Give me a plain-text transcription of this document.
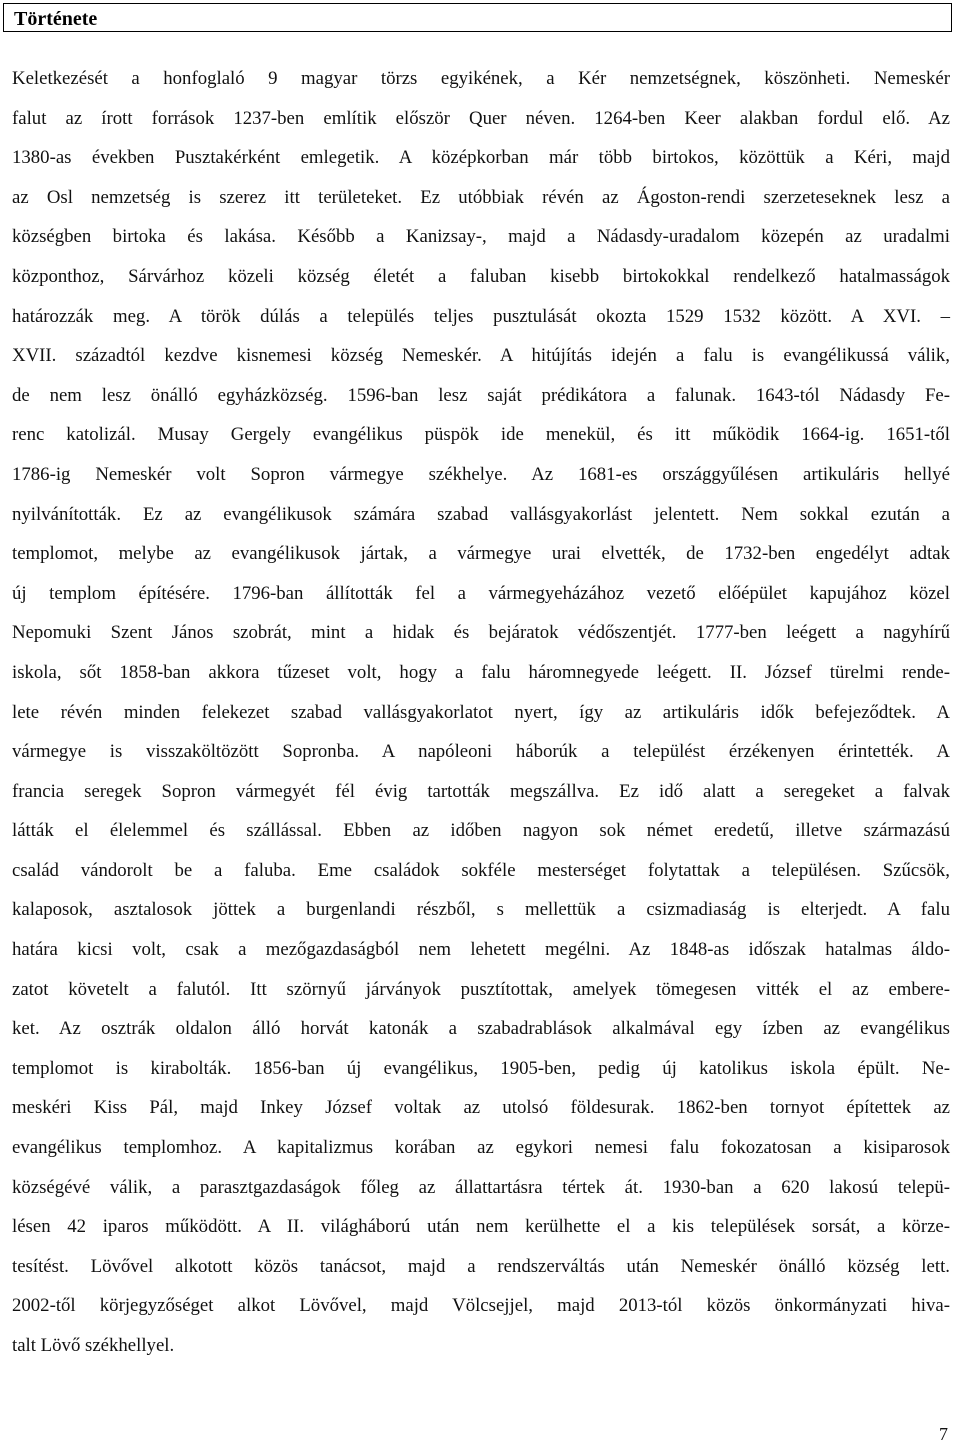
Története
Keletkezését a honfoglaló 9 magyar törzs egyikének, a Kér nemzetségnek, köszönheti. Nemeskér
falut az írott források 1237-ben említik először Quer néven. 1264-ben Keer alakban fordul elő. Az
1380-as években Pusztakérként emlegetik. A középkorban már több birtokos, közöttük a Kéri, majd
az Osl nemzetség is szerez itt területeket. Ez utóbbiak révén az Ágoston-rendi szerzeteseknek lesz a
községben birtoka és lakása. Később a Kanizsay-, majd a Nádasdy-uradalom közepén az uradalmi
központhoz, Sárvárhoz közeli község életét a faluban kisebb birtokokkal rendelkező hatalmasságok
határozzák meg. A török dúlás a település teljes pusztulását okozta 1529 1532 között. A XVI. –
XVII. századtól kezdve kisnemesi község Nemeskér. A hitújítás idején a falu is evangélikussá válik,
de nem lesz önálló egyházközség. 1596-ban lesz saját prédikátora a falunak. 1643-tól Nádasdy Fe-
renc katolizál. Musay Gergely evangélikus püspök ide menekül, és itt működik 1664-ig. 1651-től
1786-ig Nemeskér volt Sopron vármegye székhelye. Az 1681-es országgyűlésen artikuláris hellyé
nyilvánították. Ez az evangélikusok számára szabad vallásgyakorlást jelentett. Nem sokkal ezután a
templomot, melybe az evangélikusok jártak, a vármegye urai elvették, de 1732-ben engedélyt adtak
új templom építésére. 1796-ban állították fel a vármegyeházához vezető előépület kapujához közel
Nepomuki Szent János szobrát, mint a hidak és bejáratok védőszentjét. 1777-ben leégett a nagyhírű
iskola, sőt 1858-ban akkora tűzeset volt, hogy a falu háromnegyede leégett. II. József türelmi rende-
lete révén minden felekezet szabad vallásgyakorlatot nyert, így az artikuláris idők befejeződtek. A
vármegye is visszaköltözött Sopronba. A napóleoni háborúk a települést érzékenyen érintették. A
francia seregek Sopron vármegyét fél évig tartották megszállva. Ez idő alatt a seregeket a falvak
látták el élelemmel és szállással. Ebben az időben nagyon sok német eredetű, illetve származású
család vándorolt be a faluba. Eme családok sokféle mesterséget folytattak a településen. Szűcsök,
kalaposok, asztalosok jöttek a burgenlandi részből, s mellettük a csizmadiaság is elterjedt. A falu
határa kicsi volt, csak a mezőgazdaságból nem lehetett megélni. Az 1848-as időszak hatalmas áldo-
zatot követelt a falutól. Itt szörnyű járványok pusztítottak, amelyek tömegesen vitték el az embere-
ket. Az osztrák oldalon álló horvát katonák a szabadrablások alkalmával egy ízben az evangélikus
templomot is kirabolták. 1856-ban új evangélikus, 1905-ben, pedig új katolikus iskola épült. Ne-
meskéri Kiss Pál, majd Inkey József voltak az utolsó földesurak. 1862-ben tornyot építettek az
evangélikus templomhoz. A kapitalizmus korában az egykori nemesi falu fokozatosan a kisiparosok
községévé válik, a parasztgazdaságok főleg az állattartásra tértek át. 1930-ban a 620 lakosú telepü-
lésen 42 iparos működött. A II. világháború után nem kerülhette el a kis települések sorsát, a körze-
tesítést. Lövővel alkotott közös tanácsot, majd a rendszerváltás után Nemeskér önálló község lett.
2002-től körjegyzőséget alkot Lövővel, majd Völcsejjel, majd 2013-tól közös önkormányzati hiva-
talt Lövő székhellyel.
7
